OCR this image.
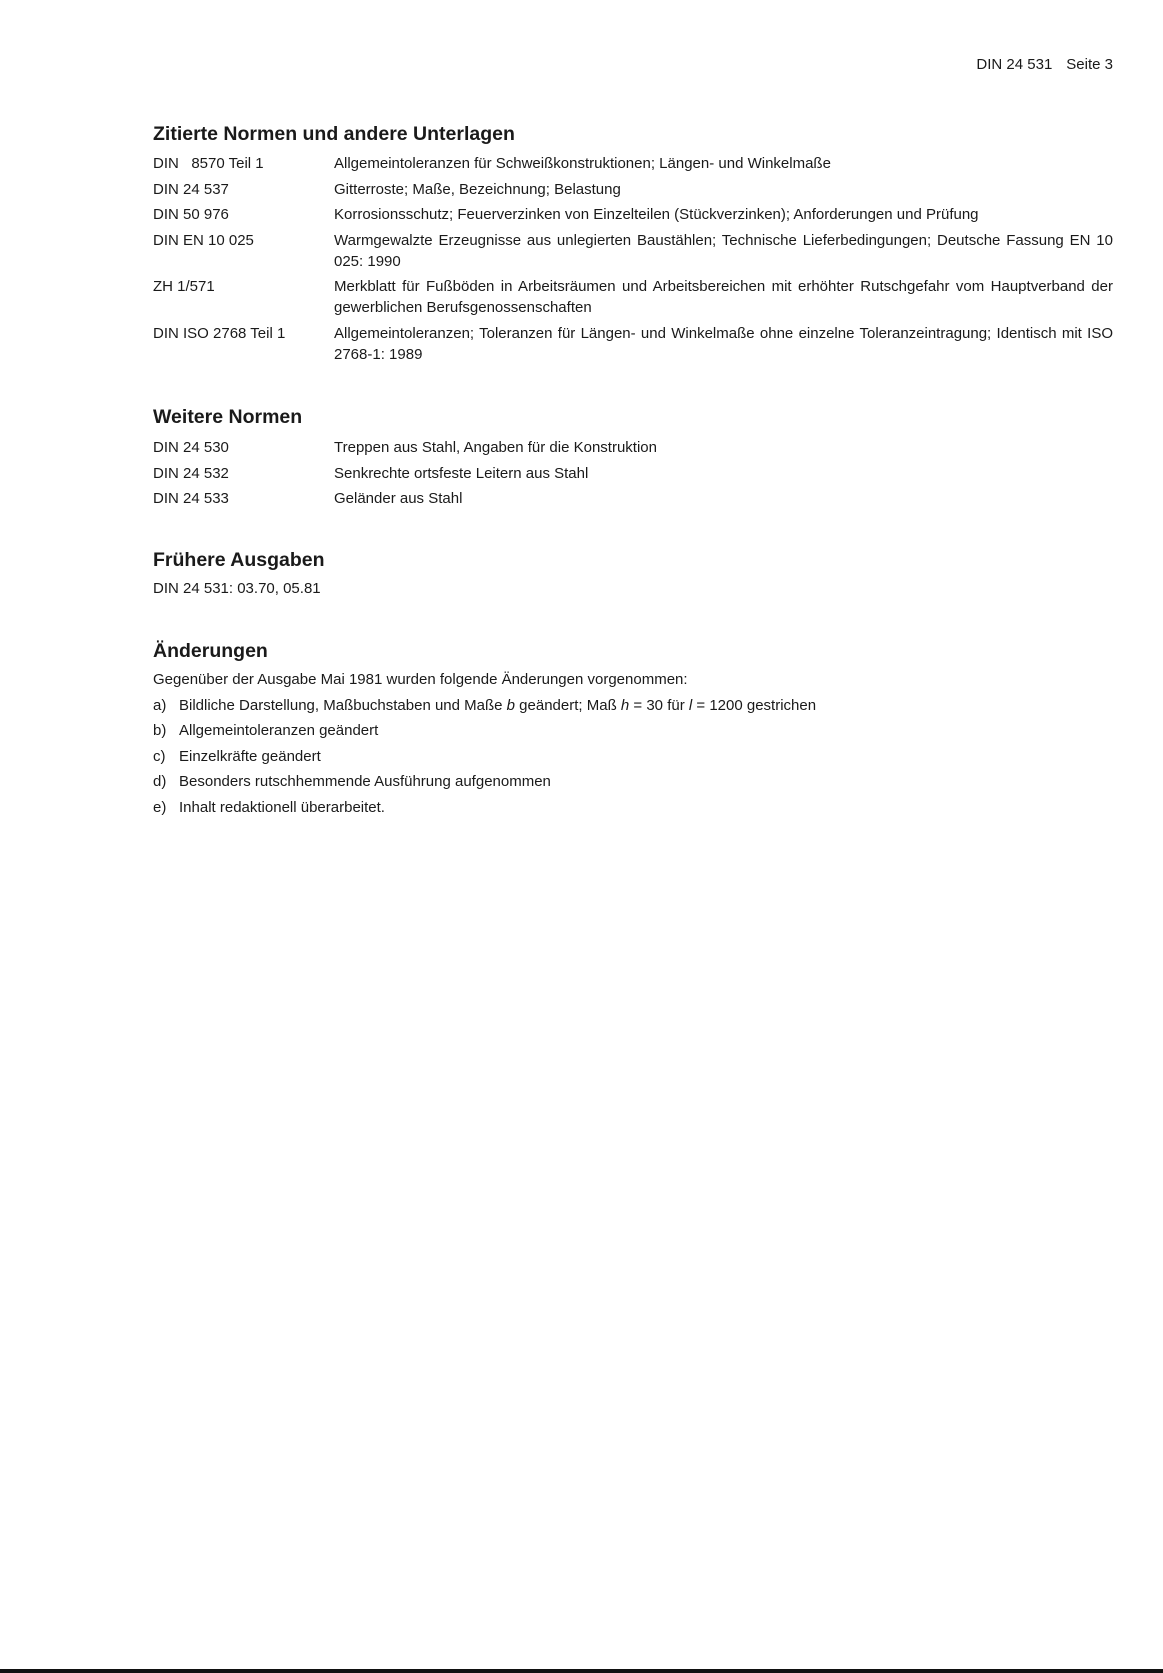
DIN 24 531 Seite 3
Zitierte Normen und andere Unterlagen
DIN   8570 Teil 1	Allgemeintoleranzen für Schweißkonstruktionen; Längen- und Winkelmaße
DIN 24 537	Gitterroste; Maße, Bezeichnung; Belastung
DIN 50 976	Korrosionsschutz; Feuerverzinken von Einzelteilen (Stückverzinken); Anforderungen und Prüfung
DIN EN 10 025	Warmgewalzte Erzeugnisse aus unlegierten Baustählen; Technische Lieferbedingungen; Deutsche Fassung EN 10 025: 1990
ZH 1/571	Merkblatt für Fußböden in Arbeitsräumen und Arbeitsbereichen mit erhöhter Rutschgefahr vom Hauptverband der gewerblichen Berufsgenossenschaften
DIN ISO 2768 Teil 1	Allgemeintoleranzen; Toleranzen für Längen- und Winkelmaße ohne einzelne Toleranzeintragung; Identisch mit ISO 2768-1: 1989
Weitere Normen
DIN 24 530	Treppen aus Stahl, Angaben für die Konstruktion
DIN 24 532	Senkrechte ortsfeste Leitern aus Stahl
DIN 24 533	Geländer aus Stahl
Frühere Ausgaben
DIN 24 531: 03.70, 05.81
Änderungen
Gegenüber der Ausgabe Mai 1981 wurden folgende Änderungen vorgenommen:
a) Bildliche Darstellung, Maßbuchstaben und Maße b geändert; Maß h = 30 für l = 1200 gestrichen
b) Allgemeintoleranzen geändert
c) Einzelkräfte geändert
d) Besonders rutschhemmende Ausführung aufgenommen
e) Inhalt redaktionell überarbeitet.
